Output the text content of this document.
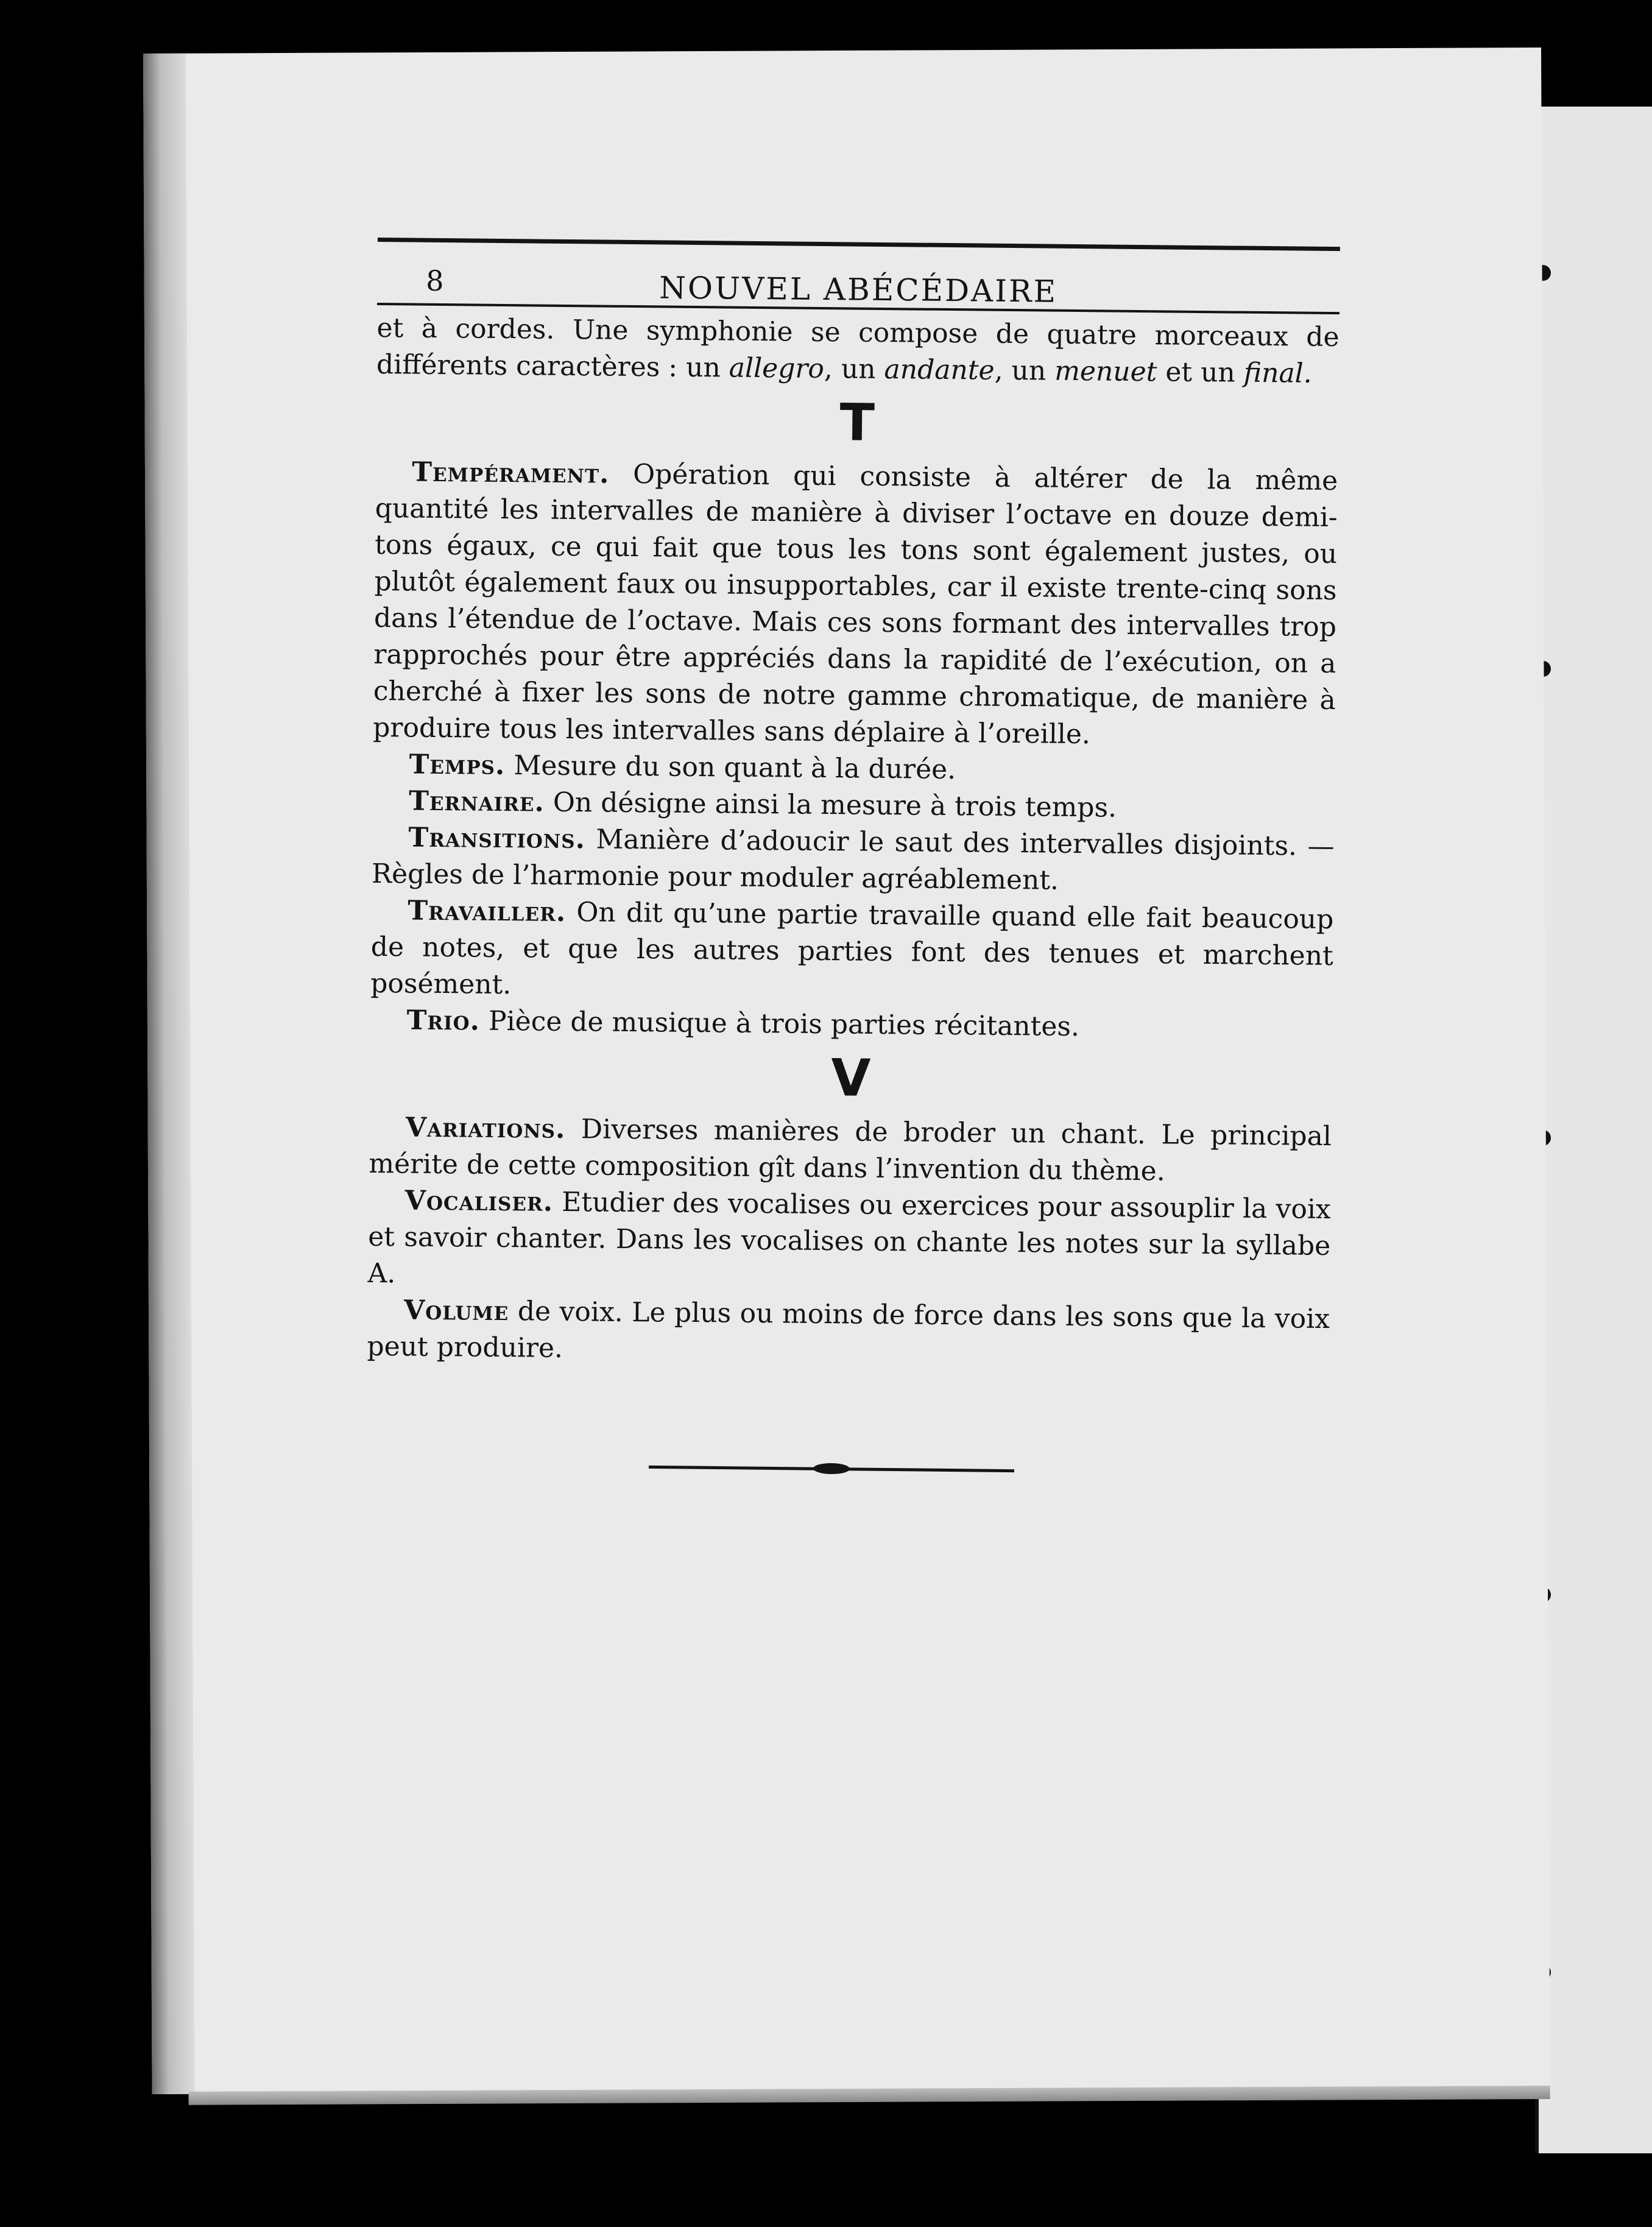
8	NOUVEL ABÉCÉDAIRE

et à cordes. Une symphonie se compose de quatre morceaux de différents caractères : un allegro, un andante, un menuet et un final.

T

Tempérament. Opération qui consiste à altérer de la même quantité les intervalles de manière à diviser l’octave en douze demi-tons égaux, ce qui fait que tous les tons sont également justes, ou plutôt également faux ou insupportables, car il existe trente-cinq sons dans l’étendue de l’octave. Mais ces sons formant des intervalles trop rapprochés pour être appréciés dans la rapidité de l’exécution, on a cherché à fixer les sons de notre gamme chromatique, de manière à produire tous les intervalles sans déplaire à l’oreille.

Temps. Mesure du son quant à la durée.

Ternaire. On désigne ainsi la mesure à trois temps.

Transitions. Manière d’adoucir le saut des intervalles disjoints. — Règles de l’harmonie pour moduler agréablement.

Travailler. On dit qu’une partie travaille quand elle fait beaucoup de notes, et que les autres parties font des tenues et marchent posément.

Trio. Pièce de musique à trois parties récitantes.

V

Variations. Diverses manières de broder un chant. Le principal mérite de cette composition gît dans l’invention du thème.

Vocaliser. Etudier des vocalises ou exercices pour assouplir la voix et savoir chanter. Dans les vocalises on chante les notes sur la syllabe A.

Volume de voix. Le plus ou moins de force dans les sons que la voix peut produire.
